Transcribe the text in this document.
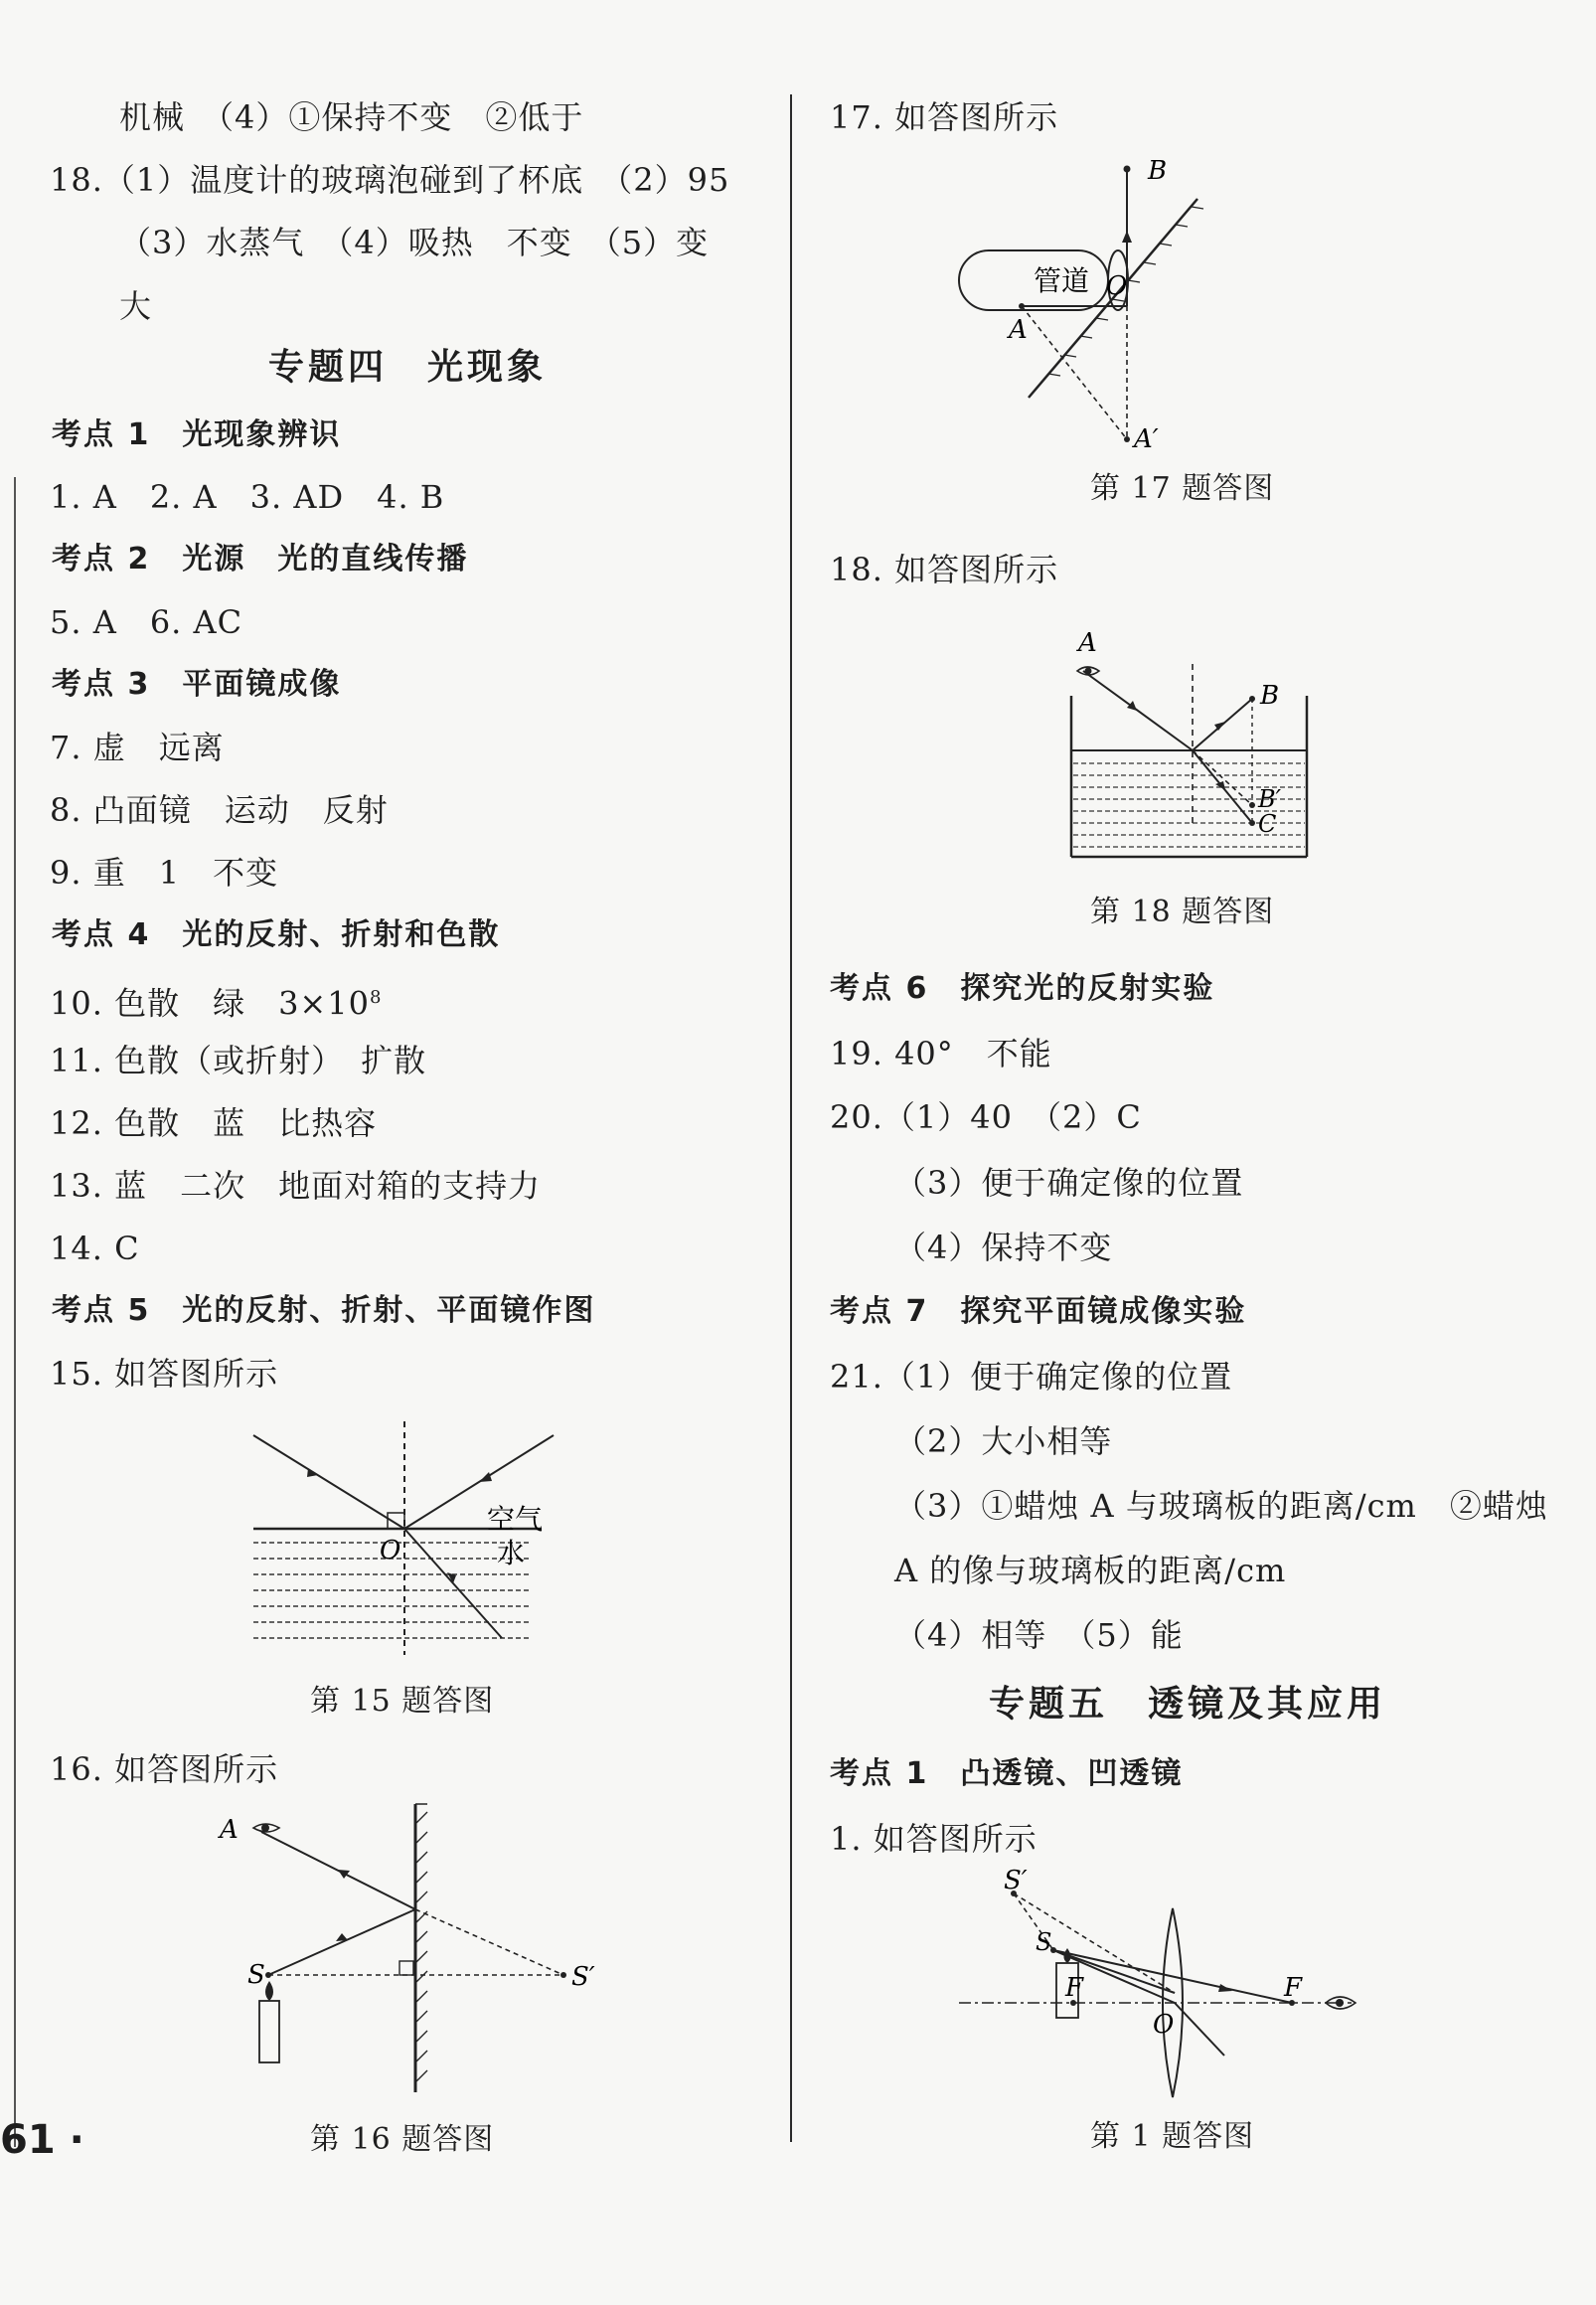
机械　（4）①保持不变　②低于
18.（1）温度计的玻璃泡碰到了杯底　（2）95
（3）水蒸气　（4）吸热　不变　（5）变
大
专题四　光现象
考点 1　光现象辨识
1. A　2. A　3. AD　4. B
考点 2　光源　光的直线传播
5. A　6. AC
考点 3　平面镜成像
7. 虚　远离
8. 凸面镜　运动　反射
9. 重　1　不变
考点 4　光的反射、折射和色散
10. 色散　绿　$3\times 10^8$
11. 色散（或折射）　扩散
12. 色散　蓝　比热容
13. 蓝　二次　地面对箱的支持力
14. C
考点 5　光的反射、折射、平面镜作图
15. 如答图所示
O
空气
水
第 15 题答图
16. 如答图所示
A
S	S′
第 16 题答图
17. 如答图所示
管道
B
O
A
A′
第 17 题答图
18. 如答图所示
A
B
B′
C
第 18 题答图
考点 6　探究光的反射实验
19. 40°　不能
20.（1）40　（2）C
（3）便于确定像的位置
（4）保持不变
考点 7　探究平面镜成像实验
21.（1）便于确定像的位置
（2）大小相等
（3）①蜡烛 A 与玻璃板的距离/cm　②蜡烛
A 的像与玻璃板的距离/cm
（4）相等　（5）能
专题五　透镜及其应用
考点 1　凸透镜、凹透镜
1. 如答图所示
S′
S
F	F
O
第 1 题答图
61 ·
